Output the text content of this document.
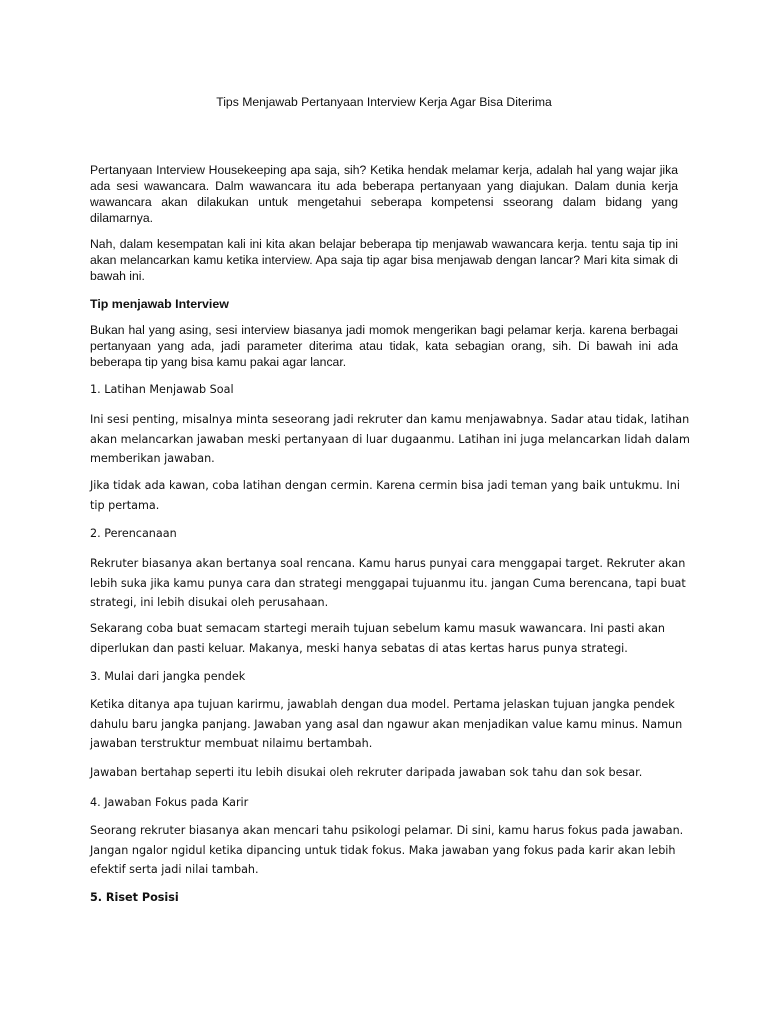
Tips Menjawab Pertanyaan Interview Kerja Agar Bisa Diterima

Pertanyaan Interview Housekeeping apa saja, sih? Ketika hendak melamar kerja, adalah hal yang wajar jika ada sesi wawancara. Dalm wawancara itu ada beberapa pertanyaan yang diajukan. Dalam dunia kerja wawancara akan dilakukan untuk mengetahui seberapa kompetensi sseorang dalam bidang yang dilamarnya.

Nah, dalam kesempatan kali ini kita akan belajar beberapa tip menjawab wawancara kerja. tentu saja tip ini akan melancarkan kamu ketika interview. Apa saja tip agar bisa menjawab dengan lancar? Mari kita simak di bawah ini.

Tip menjawab Interview

Bukan hal yang asing, sesi interview biasanya jadi momok mengerikan bagi pelamar kerja. karena berbagai pertanyaan yang ada, jadi parameter diterima atau tidak, kata sebagian orang, sih. Di bawah ini ada beberapa tip yang bisa kamu pakai agar lancar.

1. Latihan Menjawab Soal

Ini sesi penting, misalnya minta seseorang jadi rekruter dan kamu menjawabnya. Sadar atau tidak, latihan akan melancarkan jawaban meski pertanyaan di luar dugaanmu. Latihan ini juga melancarkan lidah dalam memberikan jawaban.

Jika tidak ada kawan, coba latihan dengan cermin. Karena cermin bisa jadi teman yang baik untukmu. Ini tip pertama.

2. Perencanaan

Rekruter biasanya akan bertanya soal rencana. Kamu harus punyai cara menggapai target. Rekruter akan lebih suka jika kamu punya cara dan strategi menggapai tujuanmu itu. jangan Cuma berencana, tapi buat strategi, ini lebih disukai oleh perusahaan.

Sekarang coba buat semacam startegi meraih tujuan sebelum kamu masuk wawancara. Ini pasti akan diperlukan dan pasti keluar. Makanya, meski hanya sebatas di atas kertas harus punya strategi.

3. Mulai dari jangka pendek

Ketika ditanya apa tujuan karirmu, jawablah dengan dua model. Pertama jelaskan tujuan jangka pendek dahulu baru jangka panjang. Jawaban yang asal dan ngawur akan menjadikan value kamu minus. Namun jawaban terstruktur membuat nilaimu bertambah.

Jawaban bertahap seperti itu lebih disukai oleh rekruter daripada jawaban sok tahu dan sok besar.

4. Jawaban Fokus pada Karir

Seorang rekruter biasanya akan mencari tahu psikologi pelamar. Di sini, kamu harus fokus pada jawaban. Jangan ngalor ngidul ketika dipancing untuk tidak fokus. Maka jawaban yang fokus pada karir akan lebih efektif serta jadi nilai tambah.

5. Riset Posisi
